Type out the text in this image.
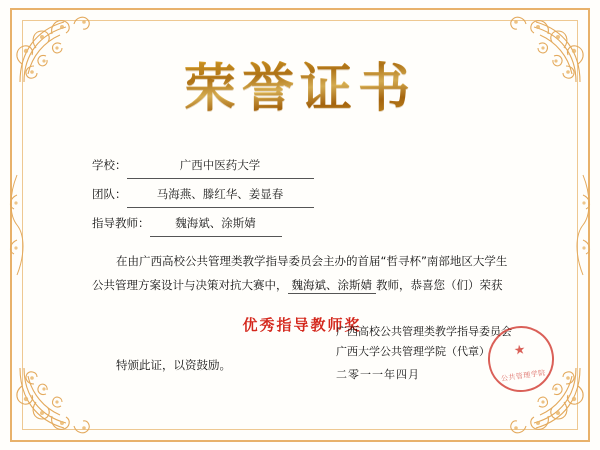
荣誉证书
学校：	广西中医药大学
团队：	马海燕、滕红华、姜显春
指导教师： 魏海斌、涂斯婧
在由广西高校公共管理类教学指导委员会主办的首届“哲寻杯”南部地区大学生公共管理方案设计与决策对抗大赛中， 魏海斌、涂斯婧 教师，恭喜您（们）荣获
优秀指导教师奖
特颁此证，以资鼓励。
广西高校公共管理类教学指导委员会
广西大学公共管理学院（代章）
二零一一年四月
★
公共管理学院
